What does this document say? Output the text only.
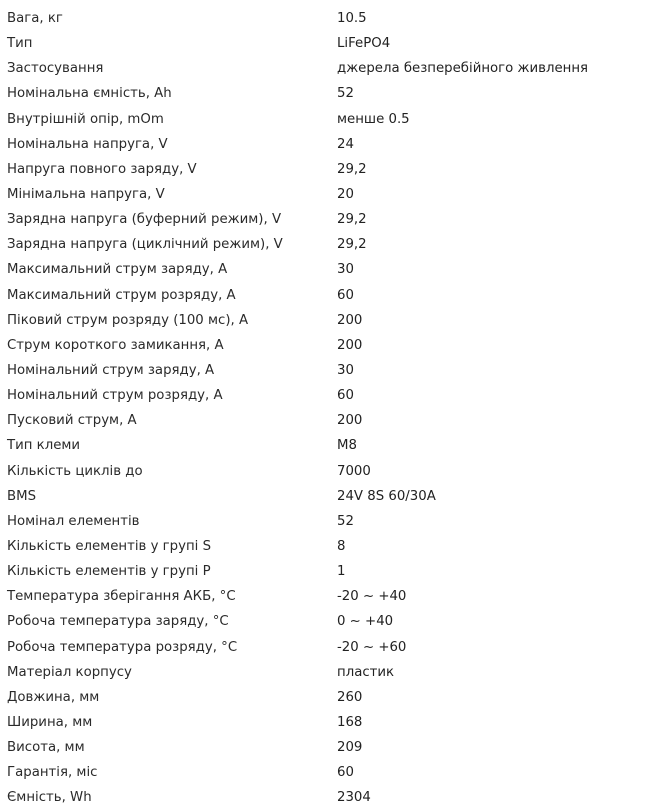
Вага, кг	10.5
Тип	LiFePO4
Застосування	джерела безперебійного живлення
Номінальна ємність, Ah	52
Внутрішній опір, mOm	менше 0.5
Номінальна напруга, V	24
Напруга повного заряду, V	29,2
Мінімальна напруга, V	20
Зарядна напруга (буферний режим), V	29,2
Зарядна напруга (циклічний режим), V	29,2
Максимальний струм заряду, А	30
Максимальний струм розряду, А	60
Піковий струм розряду (100 мс), А	200
Струм короткого замикання, А	200
Номінальний струм заряду, А	30
Номінальний струм розряду, А	60
Пусковий струм, А	200
Тип клеми	M8
Кількість циклів до	7000
BMS	24V 8S 60/30A
Номінал елементів	52
Кількість елементів у групі S	8
Кількість елементів у групі P	1
Температура зберігання АКБ, °C	-20 ~ +40
Робоча температура заряду, °C	0 ~ +40
Робоча температура розряду, °C	-20 ~ +60
Матеріал корпусу	пластик
Довжина, мм	260
Ширина, мм	168
Висота, мм	209
Гарантія, міс	60
Ємність, Wh	2304
